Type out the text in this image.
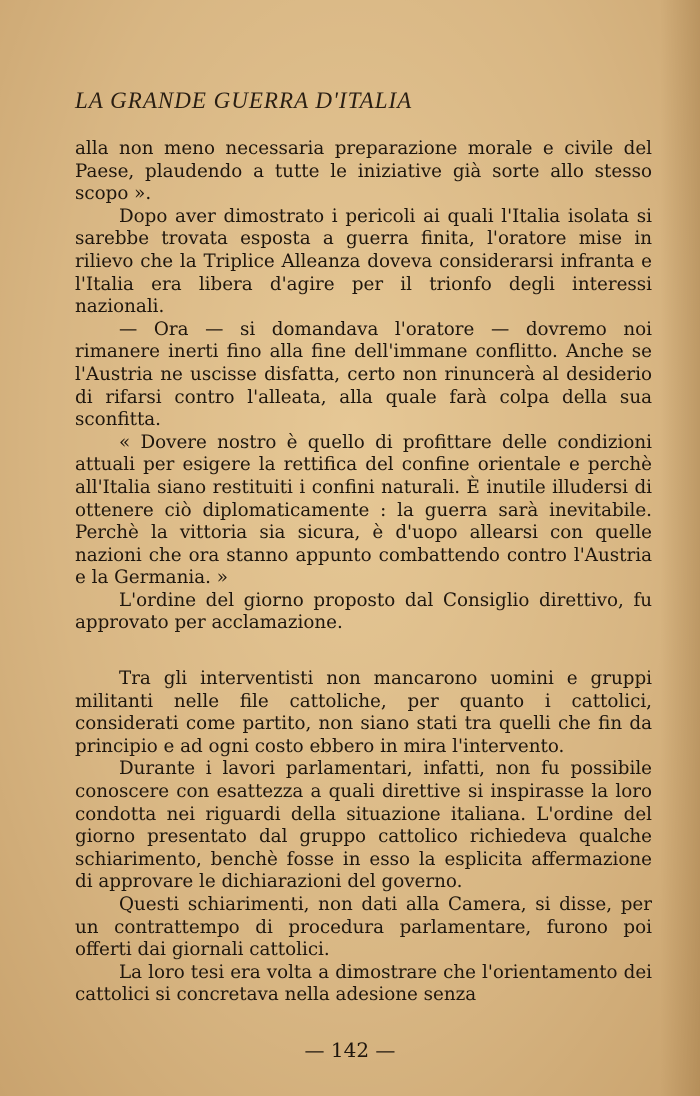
LA GRANDE GUERRA D'ITALIA

alla non meno necessaria preparazione morale e civile del Paese, plaudendo a tutte le iniziative già sorte allo stesso scopo ».

Dopo aver dimostrato i pericoli ai quali l'Italia isolata si sarebbe trovata esposta a guerra finita, l'oratore mise in rilievo che la Triplice Alleanza doveva considerarsi infranta e l'Italia era libera d'agire per il trionfo degli interessi nazionali.

— Ora — si domandava l'oratore — dovremo noi rimanere inerti fino alla fine dell'immane conflitto. Anche se l'Austria ne uscisse disfatta, certo non rinuncerà al desiderio di rifarsi contro l'alleata, alla quale farà colpa della sua sconfitta.

« Dovere nostro è quello di profittare delle condizioni attuali per esigere la rettifica del confine orientale e perchè all'Italia siano restituiti i confini naturali. È inutile illudersi di ottenere ciò diplomaticamente : la guerra sarà inevitabile. Perchè la vittoria sia sicura, è d'uopo allearsi con quelle nazioni che ora stanno appunto combattendo contro l'Austria e la Germania. »

L'ordine del giorno proposto dal Consiglio direttivo, fu approvato per acclamazione.

Tra gli interventisti non mancarono uomini e gruppi militanti nelle file cattoliche, per quanto i cattolici, considerati come partito, non siano stati tra quelli che fin da principio e ad ogni costo ebbero in mira l'intervento.

Durante i lavori parlamentari, infatti, non fu possibile conoscere con esattezza a quali direttive si inspirasse la loro condotta nei riguardi della situazione italiana. L'ordine del giorno presentato dal gruppo cattolico richiedeva qualche schiarimento, benchè fosse in esso la esplicita affermazione di approvare le dichiarazioni del governo.

Questi schiarimenti, non dati alla Camera, si disse, per un contrattempo di procedura parlamentare, furono poi offerti dai giornali cattolici.

La loro tesi era volta a dimostrare che l'orientamento dei cattolici si concretava nella adesione senza

— 142 —
